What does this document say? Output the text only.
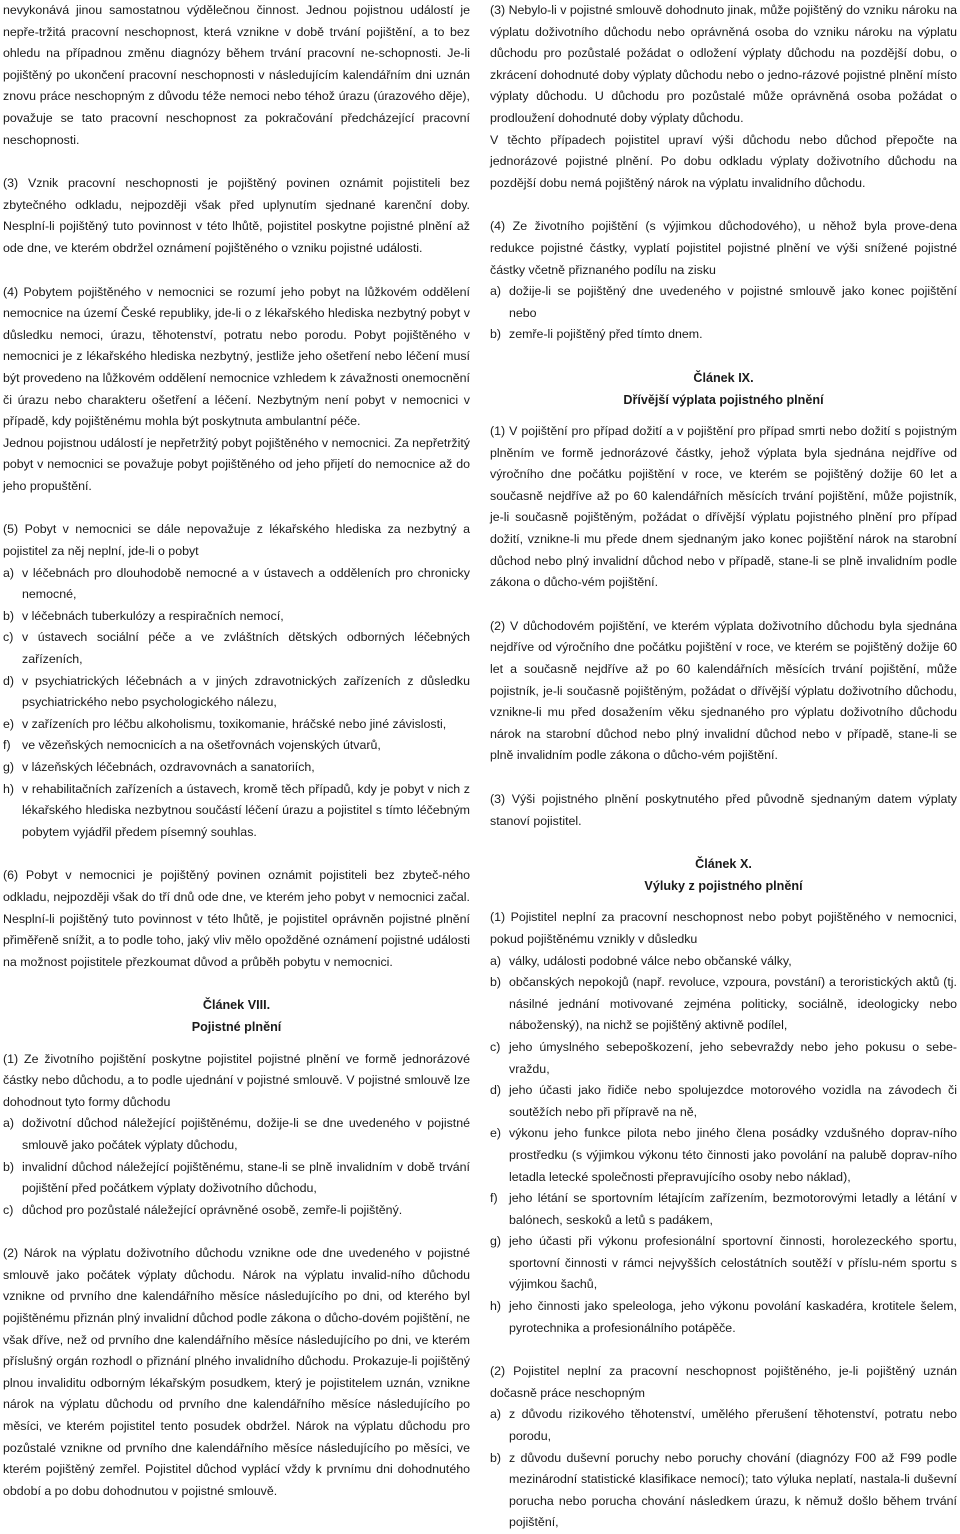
nevykonává jinou samostatnou výdělečnou činnost. Jednou pojistnou událostí je nepře-tržitá pracovní neschopnost, která vznikne v době trvání pojištění, a to bez ohledu na případnou změnu diagnózy během trvání pracovní ne-schopnosti. Je-li pojištěný po ukončení pracovní neschopnosti v následujícím kalendářním dni uznán znovu práce neschopným z důvodu téže nemoci nebo téhož úrazu (úrazového děje), považuje se tato pracovní neschopnost za pokračování předcházející pracovní neschopnosti.

(3) Vznik pracovní neschopnosti je pojištěný povinen oznámit pojistiteli bez zbytečného odkladu, nejpozději však před uplynutím sjednané karenční doby. Nesplní-li pojištěný tuto povinnost v této lhůtě, pojistitel poskytne pojistné plnění až ode dne, ve kterém obdržel oznámení pojištěného o vzniku pojistné události.

(4) Pobytem pojištěného v nemocnici se rozumí jeho pobyt na lůžkovém oddělení nemocnice na území České republiky, jde-li o z lékařského hlediska nezbytný pobyt v důsledku nemoci, úrazu, těhotenství, potratu nebo porodu. Pobyt pojištěného v nemocnici je z lékařského hlediska nezbytný, jestliže jeho ošetření nebo léčení musí být provedeno na lůžkovém oddělení nemocnice vzhledem k závažnosti onemocnění či úrazu nebo charakteru ošetření a léčení. Nezbytným není pobyt v nemocnici v případě, kdy pojištěnému mohla být poskytnuta ambulantní péče.
Jednou pojistnou událostí je nepřetržitý pobyt pojištěného v nemocnici. Za nepřetržitý pobyt v nemocnici se považuje pobyt pojištěného od jeho přijetí do nemocnice až do jeho propuštění.

(5) Pobyt v nemocnici se dále nepovažuje z lékařského hlediska za nezbytný a pojistitel za něj neplní, jde-li o pobyt

a) v léčebnách pro dlouhodobě nemocné a v ústavech a odděleních pro chronicky nemocné,
b) v léčebnách tuberkulózy a respiračních nemocí,
c) v ústavech sociální péče a ve zvláštních dětských odborných léčebných zařízeních,
d) v psychiatrických léčebnách a v jiných zdravotnických zařízeních z důsledku psychiatrického nebo psychologického nálezu,
e) v zařízeních pro léčbu alkoholismu, toxikomanie, hráčské nebo jiné závislosti,
f) ve vězeňských nemocnicích a na ošetřovnách vojenských útvarů,
g) v lázeňských léčebnách, ozdravovnách a sanatoriích,
h) v rehabilitačních zařízeních a ústavech, kromě těch případů, kdy je pobyt v nich z lékařského hlediska nezbytnou součástí léčení úrazu a pojistitel s tímto léčebným pobytem vyjádřil předem písemný souhlas.

(6) Pobyt v nemocnici je pojištěný povinen oznámit pojistiteli bez zbyteč-ného odkladu, nejpozději však do tří dnů ode dne, ve kterém jeho pobyt v nemocnici začal. Nesplní-li pojištěný tuto povinnost v této lhůtě, je pojistitel oprávněn pojistné plnění přiměřeně snížit, a to podle toho, jaký vliv mělo opožděné oznámení pojistné události na možnost pojistitele přezkoumat důvod a průběh pobytu v nemocnici.

Článek VIII.

Pojistné plnění

(1) Ze životního pojištění poskytne pojistitel pojistné plnění ve formě jednorázové částky nebo důchodu, a to podle ujednání v pojistné smlouvě. V pojistné smlouvě lze dohodnout tyto formy důchodu

a) doživotní důchod náležející pojištěnému, dožije-li se dne uvedeného v pojistné smlouvě jako počátek výplaty důchodu,
b) invalidní důchod náležející pojištěnému, stane-li se plně invalidním v době trvání pojištění před počátkem výplaty doživotního důchodu,
c) důchod pro pozůstalé náležející oprávněné osobě, zemře-li pojištěný.

(2) Nárok na výplatu doživotního důchodu vznikne ode dne uvedeného v pojistné smlouvě jako počátek výplaty důchodu. Nárok na výplatu invalid-ního důchodu vznikne od prvního dne kalendářního měsíce následujícího po dni, od kterého byl pojištěnému přiznán plný invalidní důchod podle zákona o důcho-dovém pojištění, ne však dříve, než od prvního dne kalendářního měsíce následujícího po dni, ve kterém příslušný orgán rozhodl o přiznání plného invalidního důchodu. Prokazuje-li pojištěný plnou invaliditu odborným lékařským posudkem, který je pojistitelem uznán, vznikne nárok na výplatu důchodu od prvního dne kalendářního měsíce následujícího po měsíci, ve kterém pojistitel tento posudek obdržel. Nárok na výplatu důchodu pro pozůstalé vznikne od prvního dne kalendářního měsíce následujícího po měsíci, ve kterém pojištěný zemřel. Pojistitel důchod vyplácí vždy k prvnímu dni dohodnutého období a po dobu dohodnutou v pojistné smlouvě.

(3) Nebylo-li v pojistné smlouvě dohodnuto jinak, může pojištěný do vzniku nároku na výplatu doživotního důchodu nebo oprávněná osoba do vzniku nároku na výplatu důchodu pro pozůstalé požádat o odložení výplaty důchodu na pozdější dobu, o zkrácení dohodnuté doby výplaty důchodu nebo o jedno-rázové pojistné plnění místo výplaty důchodu. U důchodu pro pozůstalé může oprávněná osoba požádat o prodloužení dohodnuté doby výplaty důchodu.
V těchto případech pojistitel upraví výši důchodu nebo důchod přepočte na jednorázové pojistné plnění. Po dobu odkladu výplaty doživotního důchodu na pozdější dobu nemá pojištěný nárok na výplatu invalidního důchodu.

(4) Ze životního pojištění (s výjimkou důchodového), u něhož byla prove-dena redukce pojistné částky, vyplatí pojistitel pojistné plnění ve výši snížené pojistné částky včetně přiznaného podílu na zisku

a) dožije-li se pojištěný dne uvedeného v pojistné smlouvě jako konec pojištění nebo
b) zemře-li pojištěný před tímto dnem.

Článek IX.

Dřívější výplata pojistného plnění

(1) V pojištění pro případ dožití a v pojištění pro případ smrti nebo dožití s pojistným plněním ve formě jednorázové částky, jehož výplata byla sjednána nejdříve od výročního dne počátku pojištění v roce, ve kterém se pojištěný dožije 60 let a současně nejdříve až po 60 kalendářních měsících trvání pojištění, může pojistník, je-li současně pojištěným, požádat o dřívější výplatu pojistného plnění pro případ dožití, vznikne-li mu přede dnem sjednaným jako konec pojištění nárok na starobní důchod nebo plný invalidní důchod nebo v případě, stane-li se plně invalidním podle zákona o důcho-vém pojištění.

(2) V důchodovém pojištění, ve kterém výplata doživotního důchodu byla sjednána nejdříve od výročního dne počátku pojištění v roce, ve kterém se pojištěný dožije 60 let a současně nejdříve až po 60 kalendářních měsících trvání pojištění, může pojistník, je-li současně pojištěným, požádat o dřívější výplatu doživotního důchodu, vznikne-li mu před dosažením věku sjednaného pro výplatu doživotního důchodu nárok na starobní důchod nebo plný invalidní důchod nebo v případě, stane-li se plně invalidním podle zákona o důcho-vém pojištění.

(3) Výši pojistného plnění poskytnutého před původně sjednaným datem výplaty stanoví pojistitel.

Článek X.

Výluky z pojistného plnění

(1) Pojistitel neplní za pracovní neschopnost nebo pobyt pojištěného v nemocnici, pokud pojištěnému vznikly v důsledku

a) války, události podobné válce nebo občanské války,
b) občanských nepokojů (např. revoluce, vzpoura, povstání) a teroristických aktů (tj. násilné jednání motivované zejména politicky, sociálně, ideologicky nebo náboženský), na nichž se pojištěný aktivně podílel,
c) jeho úmyslného sebepoškození, jeho sebevraždy nebo jeho pokusu o sebe-vraždu,
d) jeho účasti jako řidiče nebo spolujezdce motorového vozidla na závodech či soutěžích nebo při přípravě na ně,
e) výkonu jeho funkce pilota nebo jiného člena posádky vzdušného doprav-ního prostředku (s výjimkou výkonu této činnosti jako povolání na palubě doprav-ního letadla letecké společnosti přepravujícího osoby nebo náklad),
f) jeho létání se sportovním létajícím zařízením, bezmotorovými letadly a létání v balónech, seskoků a letů s padákem,
g) jeho účasti při výkonu profesionální sportovní činnosti, horolezeckého sportu, sportovní činnosti v rámci nejvyšších celostátních soutěží v příslu-ném sportu s výjimkou šachů,
h) jeho činnosti jako speleologa, jeho výkonu povolání kaskadéra, krotitele šelem, pyrotechnika a profesionálního potápěče.

(2) Pojistitel neplní za pracovní neschopnost pojištěného, je-li pojištěný uznán dočasně práce neschopným

a) z důvodu rizikového těhotenství, umělého přerušení těhotenství, potratu nebo porodu,
b) z důvodu duševní poruchy nebo poruchy chování (diagnózy F00 až F99 podle mezinárodní statistické klasifikace nemocí); tato výluka neplatí, nastala-li duševní porucha nebo porucha chování následkem úrazu, k němuž došlo během trvání pojištění,
